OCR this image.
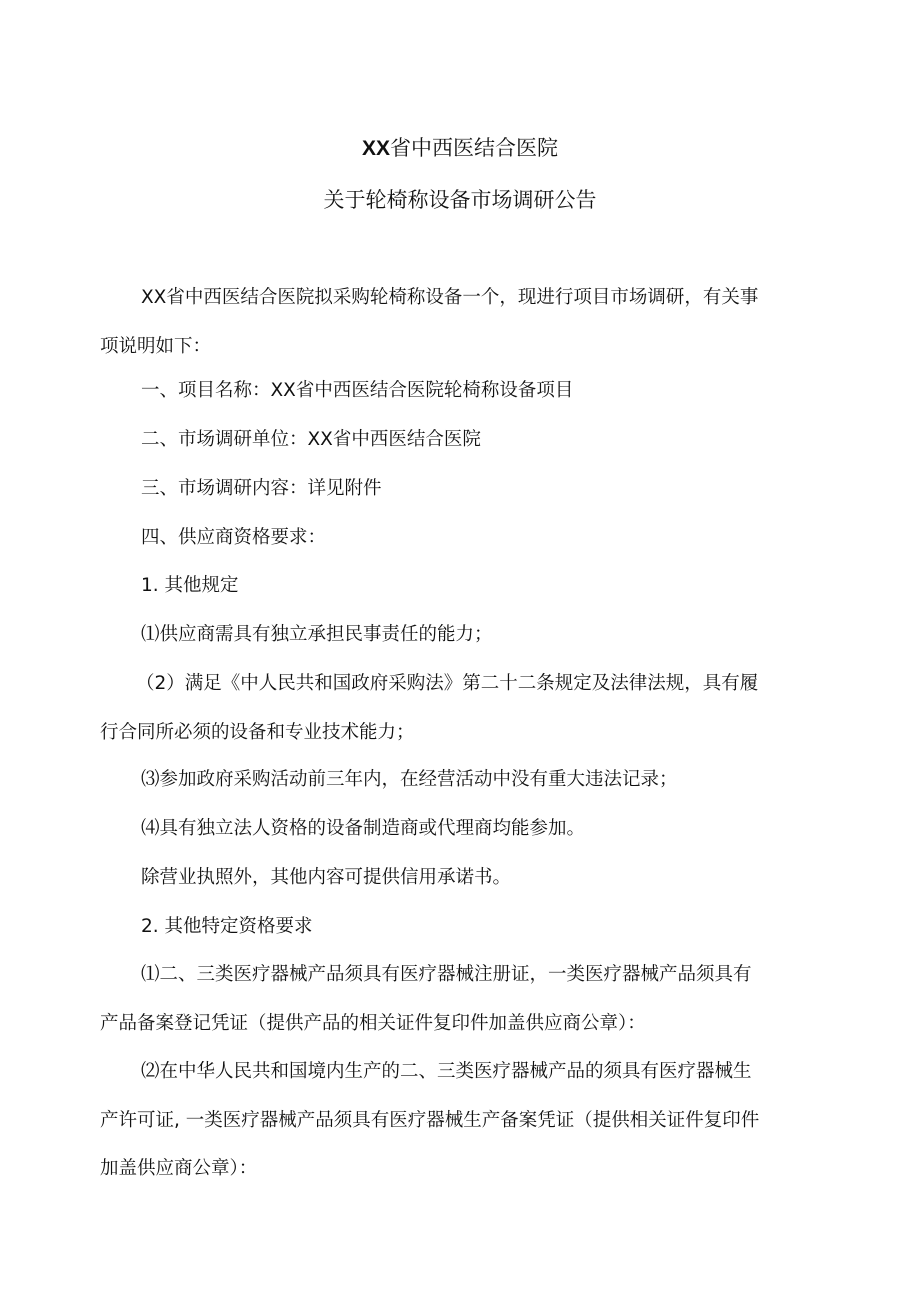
XX省中西医结合医院
关于轮椅称设备市场调研公告

XX省中西医结合医院拟采购轮椅称设备一个，现进行项目市场调研，有关事
项说明如下：

一、项目名称：XX省中西医结合医院轮椅称设备项目

二、市场调研单位：XX省中西医结合医院

三、市场调研内容：详见附件

四、供应商资格要求：

1. 其他规定

⑴供应商需具有独立承担民事责任的能力；

（2）满足《中人民共和国政府采购法》第二十二条规定及法律法规，具有履
行合同所必须的设备和专业技术能力；

⑶参加政府采购活动前三年内，在经营活动中没有重大违法记录；

⑷具有独立法人资格的设备制造商或代理商均能参加。

除营业执照外，其他内容可提供信用承诺书。

2. 其他特定资格要求

⑴二、三类医疗器械产品须具有医疗器械注册证，一类医疗器械产品须具有
产品备案登记凭证（提供产品的相关证件复印件加盖供应商公章）：

⑵在中华人民共和国境内生产的二、三类医疗器械产品的须具有医疗器械生
产许可证, 一类医疗器械产品须具有医疗器械生产备案凭证（提供相关证件复印件
加盖供应商公章）：
